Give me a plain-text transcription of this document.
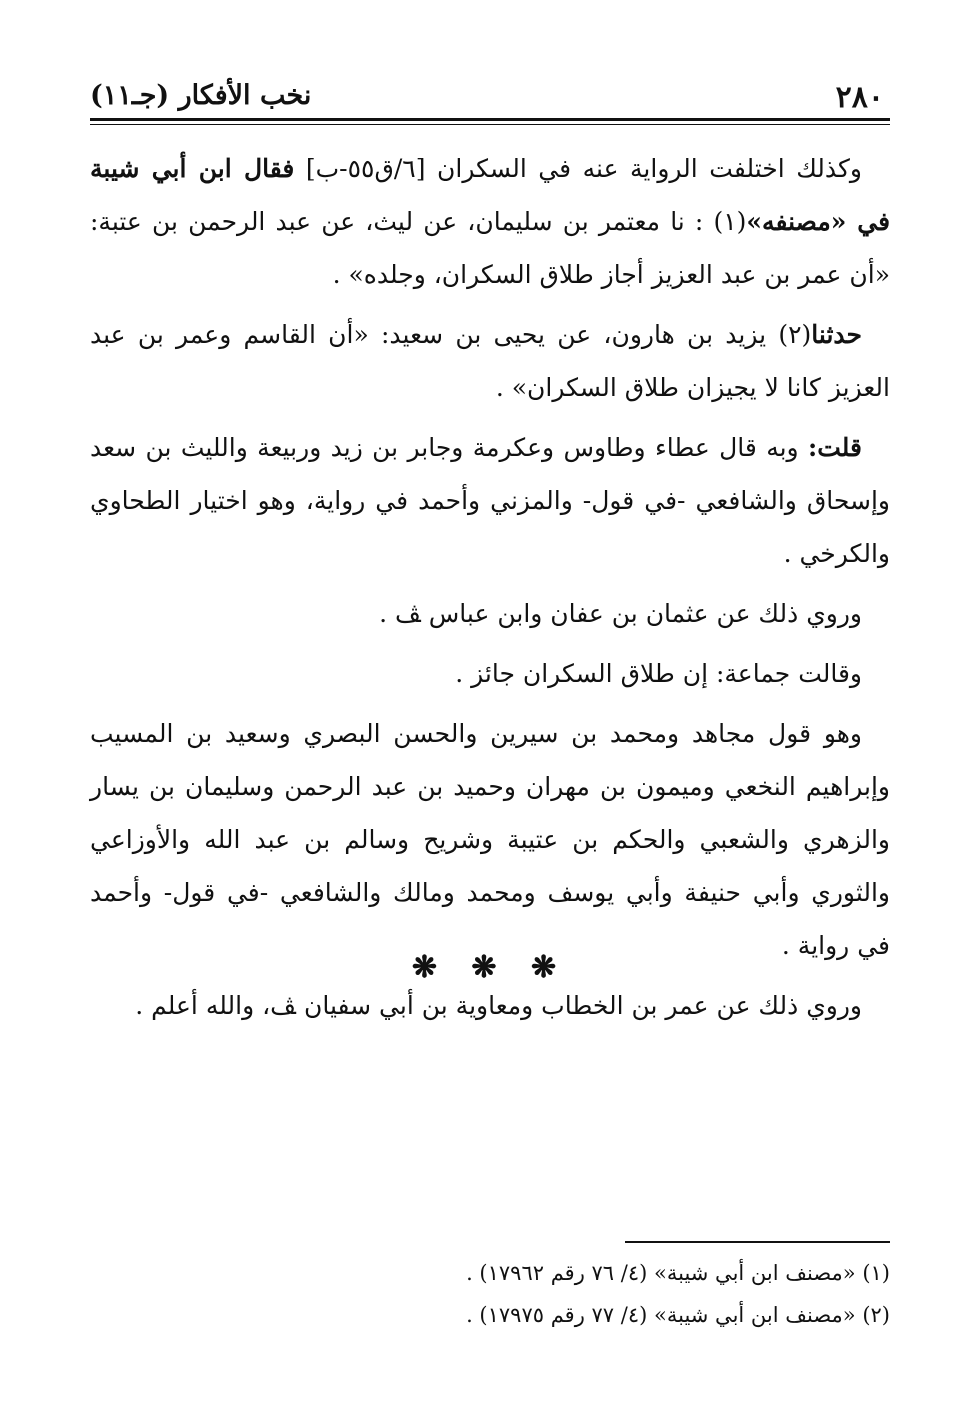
٢٨٠
نخب الأفكار (جـ١١)

وكذلك اختلفت الرواية عنه في السكران [٦/ق٥٥-ب] فقال ابن أبي شيبة في «مصنفه»(١) : نا معتمر بن سليمان، عن ليث، عن عبد الرحمن بن عتبة: «أن عمر بن عبد العزيز أجاز طلاق السكران، وجلده» .

حدثنا(٢) يزيد بن هارون، عن يحيى بن سعيد: «أن القاسم وعمر بن عبد العزيز كانا لا يجيزان طلاق السكران» .

قلت: وبه قال عطاء وطاوس وعكرمة وجابر بن زيد وربيعة والليث بن سعد وإسحاق والشافعي -في قول- والمزني وأحمد في رواية، وهو اختيار الطحاوي والكرخي .

وروي ذلك عن عثمان بن عفان وابن عباس ﭫ .

وقالت جماعة: إن طلاق السكران جائز .

وهو قول مجاهد ومحمد بن سيرين والحسن البصري وسعيد بن المسيب وإبراهيم النخعي وميمون بن مهران وحميد بن عبد الرحمن وسليمان بن يسار والزهري والشعبي والحكم بن عتيبة وشريح وسالم بن عبد الله والأوزاعي والثوري وأبي حنيفة وأبي يوسف ومحمد ومالك والشافعي -في قول- وأحمد في رواية .

وروي ذلك عن عمر بن الخطاب ومعاوية بن أبي سفيان ﭫ، والله أعلم .

❋ ❋ ❋

(١) «مصنف ابن أبي شيبة» (٤/ ٧٦ رقم ١٧٩٦٢) .

(٢) «مصنف ابن أبي شيبة» (٤/ ٧٧ رقم ١٧٩٧٥) .
